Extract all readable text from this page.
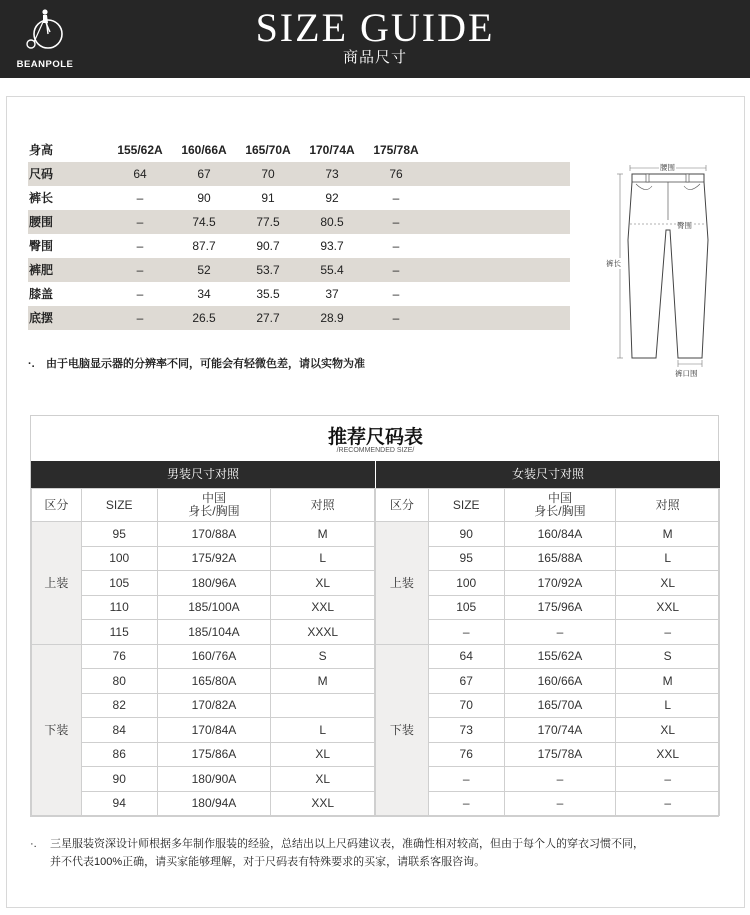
BEANPOLE
SIZE GUIDE
商品尺寸
身高	155/62A	160/66A	165/70A	170/74A	175/78A
尺码	64	67	70	73	76
裤长	–	90	91	92	–
腰围	–	74.5	77.5	80.5	–
臀围	–	87.7	90.7	93.7	–
裤肥	–	52	53.7	55.4	–
膝盖	–	34	35.5	37	–
底摆	–	26.5	27.7	28.9	–
·. 由于电脑显示器的分辨率不同，可能会有轻微色差，请以实物为准
腰围
臀围
裤长
裤口围
推荐尺码表
/RECOMMENDED SIZE/
男装尺寸对照	女装尺寸对照
区分	SIZE	中国
身长/胸围	对照
上装	95	170/88A	M
	100	175/92A	L
	105	180/96A	XL
	110	185/100A	XXL
	115	185/104A	XXXL
下装	76	160/76A	S
	80	165/80A	M
	82	170/82A	
	84	170/84A	L
	86	175/86A	XL
	90	180/90A	XL
	94	180/94A	XXL
区分	SIZE	中国
身长/胸围	对照
上装	90	160/84A	M
	95	165/88A	L
	100	170/92A	XL
	105	175/96A	XXL
	–	–	–
下装	64	155/62A	S
	67	160/66A	M
	70	165/70A	L
	73	170/74A	XL
	76	175/78A	XXL
	–	–	–
	–	–	–
·.	三星服装资深设计师根据多年制作服装的经验，总结出以上尺码建议表，准确性相对较高，但由于每个人的穿衣习惯不同，
并不代表100%正确，请买家能够理解，对于尺码表有特殊要求的买家，请联系客服咨询。
